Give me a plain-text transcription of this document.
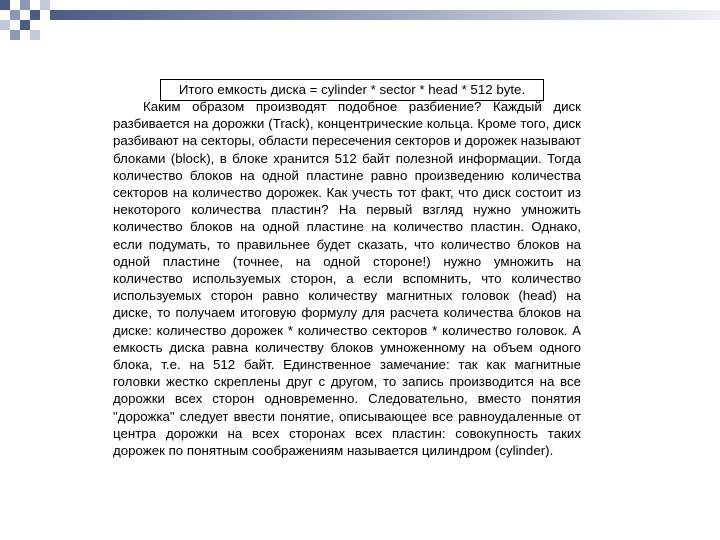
Итого емкость диска = cylinder * sector * head * 512 byte.

Каким образом производят подобное разбиение? Каждый диск разбивается на дорожки (Track), концентрические кольца. Кроме того, диск разбивают на секторы, области пересечения секторов и дорожек называют блоками (block), в блоке хранится 512 байт полезной информации. Тогда количество блоков на одной пластине равно произведению количества секторов на количество дорожек. Как учесть тот факт, что диск состоит из некоторого количества пластин? На первый взгляд нужно умножить количество блоков на одной пластине на количество пластин. Однако, если подумать, то правильнее будет сказать, что количество блоков на одной пластине (точнее, на одной стороне!) нужно умножить на количество используемых сторон, а если вспомнить, что количество используемых сторон равно количеству магнитных головок (head) на диске, то получаем итоговую формулу для расчета количества блоков на диске: количество дорожек * количество секторов * количество головок. А емкость диска равна количеству блоков умноженному на объем одного блока, т.е. на 512 байт. Единственное замечание: так как магнитные головки жестко скреплены друг с другом, то запись производится на все дорожки всех сторон одновременно. Следовательно, вместо понятия "дорожка" следует ввести понятие, описывающее все равноудаленные от центра дорожки на всех сторонах всех пластин: совокупность таких дорожек по понятным соображениям называется цилиндром (cylinder).
